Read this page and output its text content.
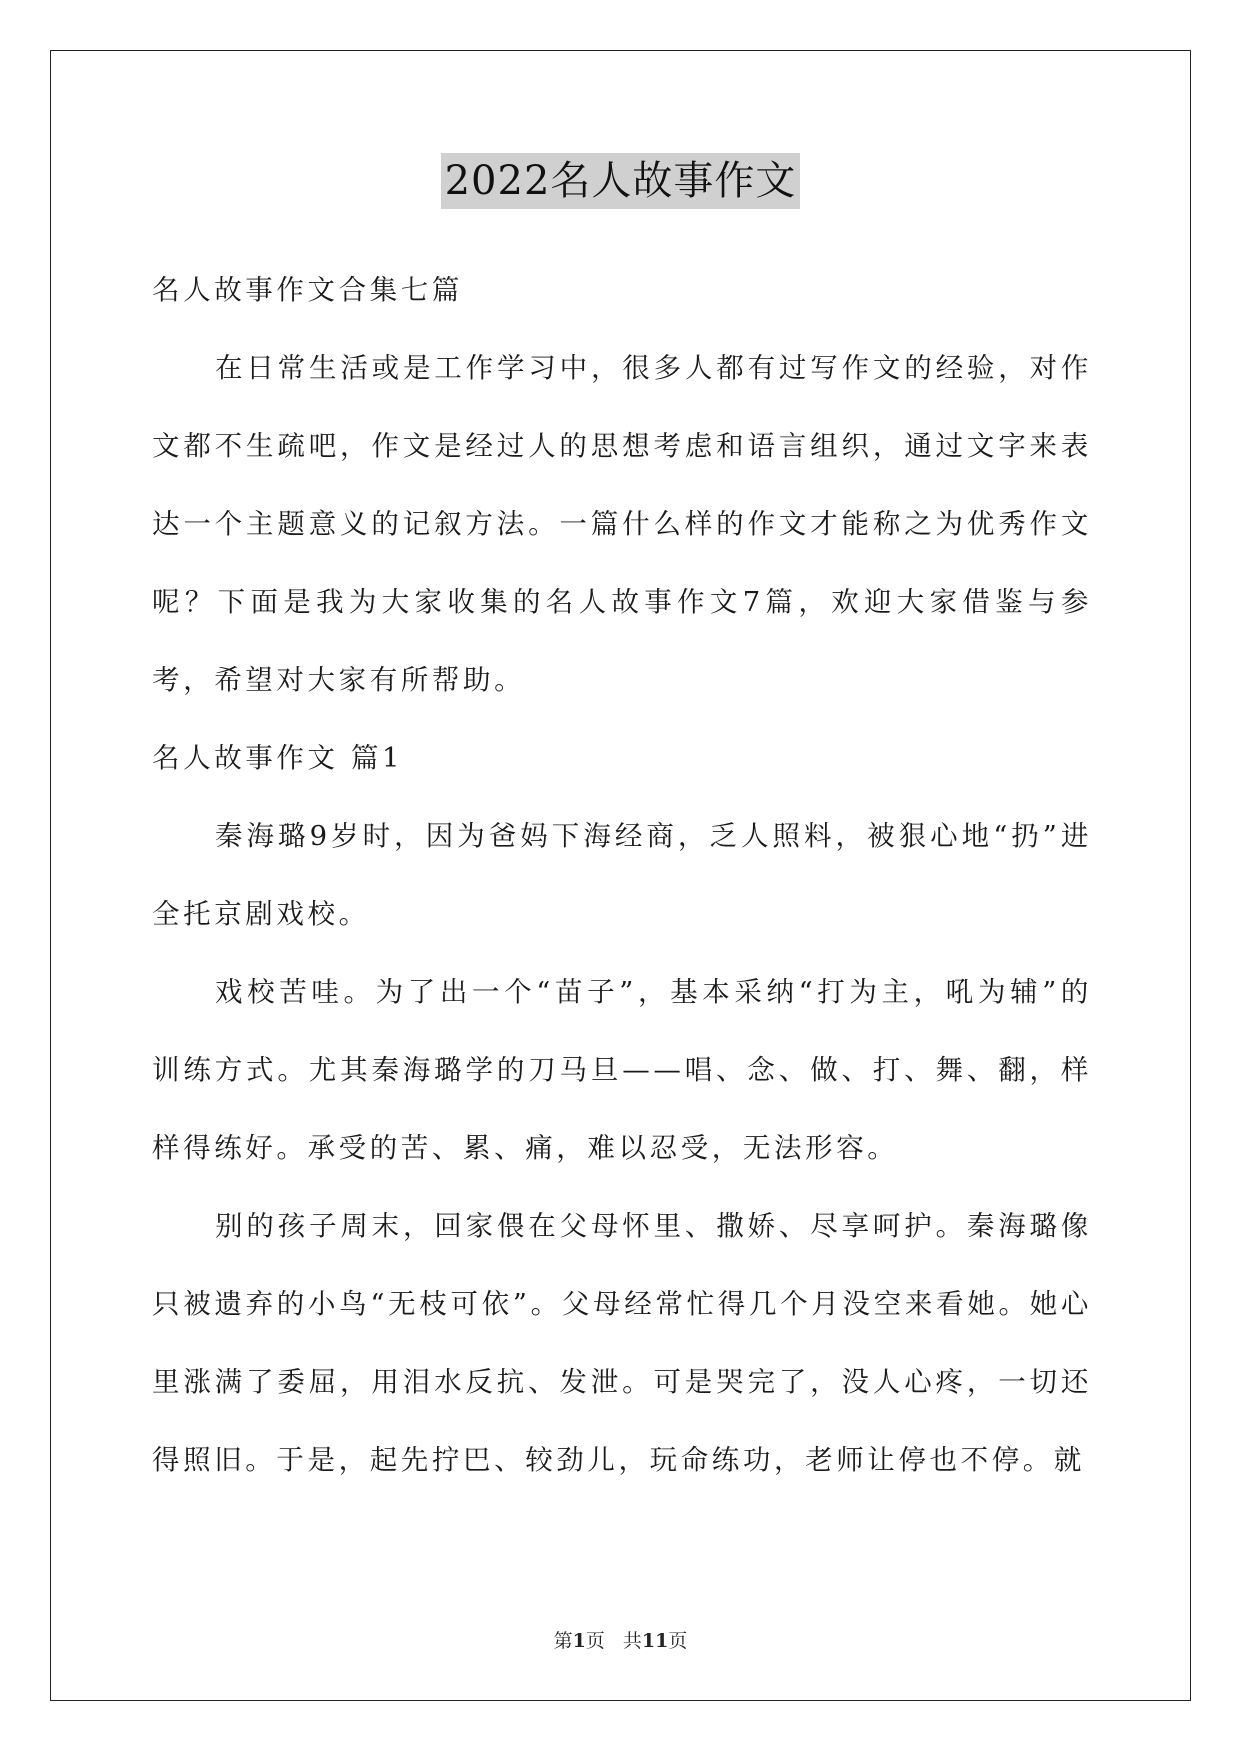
2022名人故事作文

名人故事作文合集七篇

在日常生活或是工作学习中，很多人都有过写作文的经验，对作文都不生疏吧，作文是经过人的思想考虑和语言组织，通过文字来表达一个主题意义的记叙方法。一篇什么样的作文才能称之为优秀作文呢？下面是我为大家收集的名人故事作文7篇，欢迎大家借鉴与参考，希望对大家有所帮助。

名人故事作文 篇1

秦海璐9岁时，因为爸妈下海经商，乏人照料，被狠心地“扔”进全托京剧戏校。

戏校苦哇。为了出一个“苗子”，基本采纳“打为主，吼为辅”的训练方式。尤其秦海璐学的刀马旦——唱、念、做、打、舞、翻，样样得练好。承受的苦、累、痛，难以忍受，无法形容。

别的孩子周末，回家偎在父母怀里、撒娇、尽享呵护。秦海璐像只被遗弃的小鸟“无枝可依”。父母经常忙得几个月没空来看她。她心里涨满了委屈，用泪水反抗、发泄。可是哭完了，没人心疼，一切还得照旧。于是，起先拧巴、较劲儿，玩命练功，老师让停也不停。就

第1页 共11页
